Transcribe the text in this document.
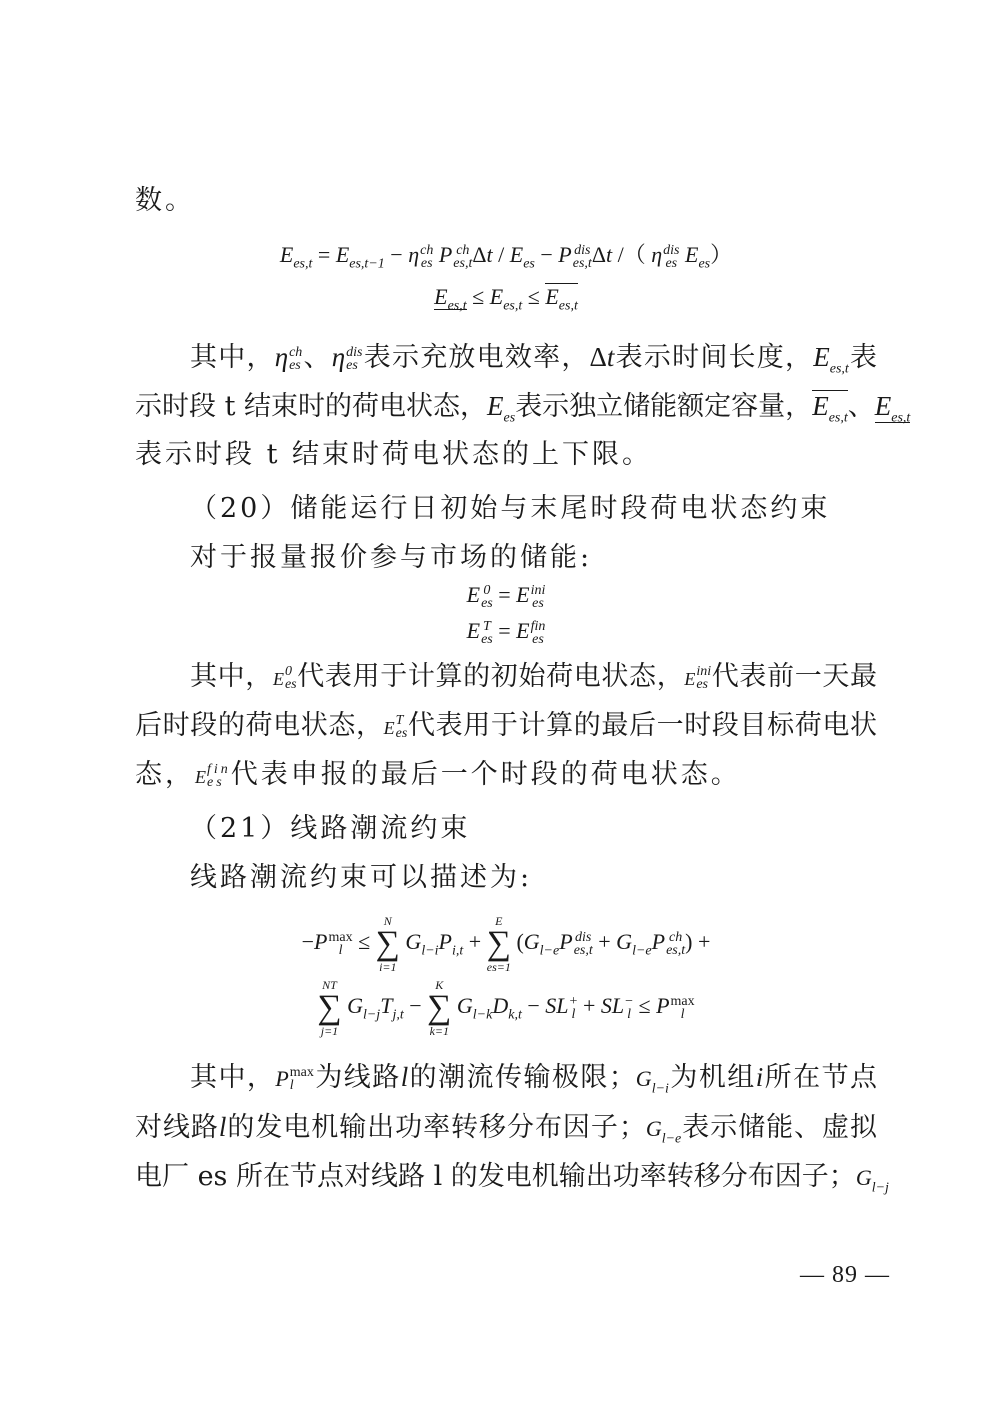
数。
$E_{es,t} = E_{es,t-1} - \eta$ ch
es P ch
es,t $\Delta t / E_{es} - P$ dis
es,t Δt /（ η dis
es $E_{es}$）
$E_{es,t} \le E_{es,t} \le E_{es,t}$
其中，η ch
es 、η dis
es 表示充放电效率，Δt表示时间长度，$E_{es,t}$表
示时段 t 结束时的荷电状态，$E_{es}$表示独立储能额定容量，$E_{es,t}$、$E_{es,t}$
表示时段 t 结束时荷电状态的上下限。
（20）储能运行日初始与末尾时段荷电状态约束
对于报量报价参与市场的储能:
E 0
es = E ini
es
E T
es = E fin
es
其中，E 0
es 代表用于计算的初始荷电状态，E ini
es 代表前一天最
后时段的荷电状态，E T
es 代表用于计算的最后一时段目标荷电状
态，E fin
es 代表申报的最后一个时段的荷电状态。
（21）线路潮流约束
线路潮流约束可以描述为:
−P max
l ≤
N
∑
i=1
$G_{l-i}P_{i,t}$ +
E
∑
es=1
($G_{l-e}P$ dis
$es,t + G_{l-e}P$ ch
es,t ) +
NT
∑
j=1
$G_{l-j}T_{j,t}$ −
K
∑
k=1
$G_{l-k}D_{k,t}$ − SL +
l + SL −
l ≤ P max
l
其中，P max
l 为线路l的潮流传输极限；$G_{l-i}$为机组i所在节点
对线路l的发电机输出功率转移分布因子；$G_{l-e}$表示储能、虚拟
电厂 es 所在节点对线路 l 的发电机输出功率转移分布因子；$G_{l-j}$
— 89 —
